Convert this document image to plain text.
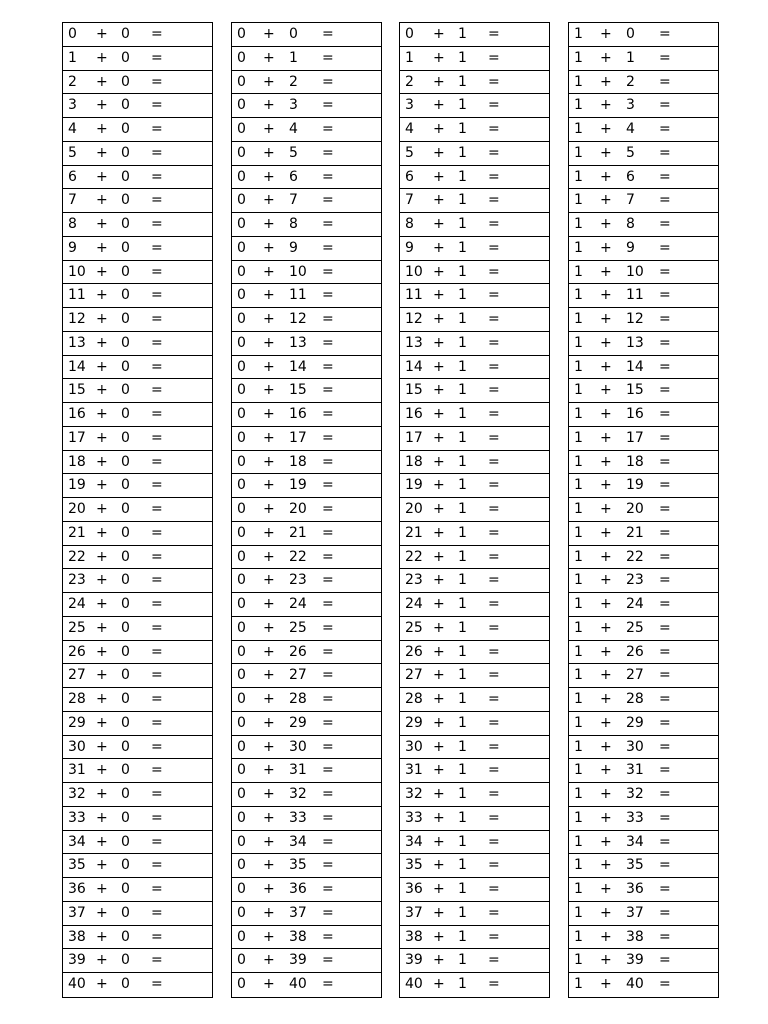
0 + 0 =
1 + 0 =
2 + 0 =
3 + 0 =
4 + 0 =
5 + 0 =
6 + 0 =
7 + 0 =
8 + 0 =
9 + 0 =
10 + 0 =
11 + 0 =
12 + 0 =
13 + 0 =
14 + 0 =
15 + 0 =
16 + 0 =
17 + 0 =
18 + 0 =
19 + 0 =
20 + 0 =
21 + 0 =
22 + 0 =
23 + 0 =
24 + 0 =
25 + 0 =
26 + 0 =
27 + 0 =
28 + 0 =
29 + 0 =
30 + 0 =
31 + 0 =
32 + 0 =
33 + 0 =
34 + 0 =
35 + 0 =
36 + 0 =
37 + 0 =
38 + 0 =
39 + 0 =
40 + 0 =
0 + 0 =
0 + 1 =
0 + 2 =
0 + 3 =
0 + 4 =
0 + 5 =
0 + 6 =
0 + 7 =
0 + 8 =
0 + 9 =
0 + 10 =
0 + 11 =
0 + 12 =
0 + 13 =
0 + 14 =
0 + 15 =
0 + 16 =
0 + 17 =
0 + 18 =
0 + 19 =
0 + 20 =
0 + 21 =
0 + 22 =
0 + 23 =
0 + 24 =
0 + 25 =
0 + 26 =
0 + 27 =
0 + 28 =
0 + 29 =
0 + 30 =
0 + 31 =
0 + 32 =
0 + 33 =
0 + 34 =
0 + 35 =
0 + 36 =
0 + 37 =
0 + 38 =
0 + 39 =
0 + 40 =
0 + 1 =
1 + 1 =
2 + 1 =
3 + 1 =
4 + 1 =
5 + 1 =
6 + 1 =
7 + 1 =
8 + 1 =
9 + 1 =
10 + 1 =
11 + 1 =
12 + 1 =
13 + 1 =
14 + 1 =
15 + 1 =
16 + 1 =
17 + 1 =
18 + 1 =
19 + 1 =
20 + 1 =
21 + 1 =
22 + 1 =
23 + 1 =
24 + 1 =
25 + 1 =
26 + 1 =
27 + 1 =
28 + 1 =
29 + 1 =
30 + 1 =
31 + 1 =
32 + 1 =
33 + 1 =
34 + 1 =
35 + 1 =
36 + 1 =
37 + 1 =
38 + 1 =
39 + 1 =
40 + 1 =
1 + 0 =
1 + 1 =
1 + 2 =
1 + 3 =
1 + 4 =
1 + 5 =
1 + 6 =
1 + 7 =
1 + 8 =
1 + 9 =
1 + 10 =
1 + 11 =
1 + 12 =
1 + 13 =
1 + 14 =
1 + 15 =
1 + 16 =
1 + 17 =
1 + 18 =
1 + 19 =
1 + 20 =
1 + 21 =
1 + 22 =
1 + 23 =
1 + 24 =
1 + 25 =
1 + 26 =
1 + 27 =
1 + 28 =
1 + 29 =
1 + 30 =
1 + 31 =
1 + 32 =
1 + 33 =
1 + 34 =
1 + 35 =
1 + 36 =
1 + 37 =
1 + 38 =
1 + 39 =
1 + 40 =
